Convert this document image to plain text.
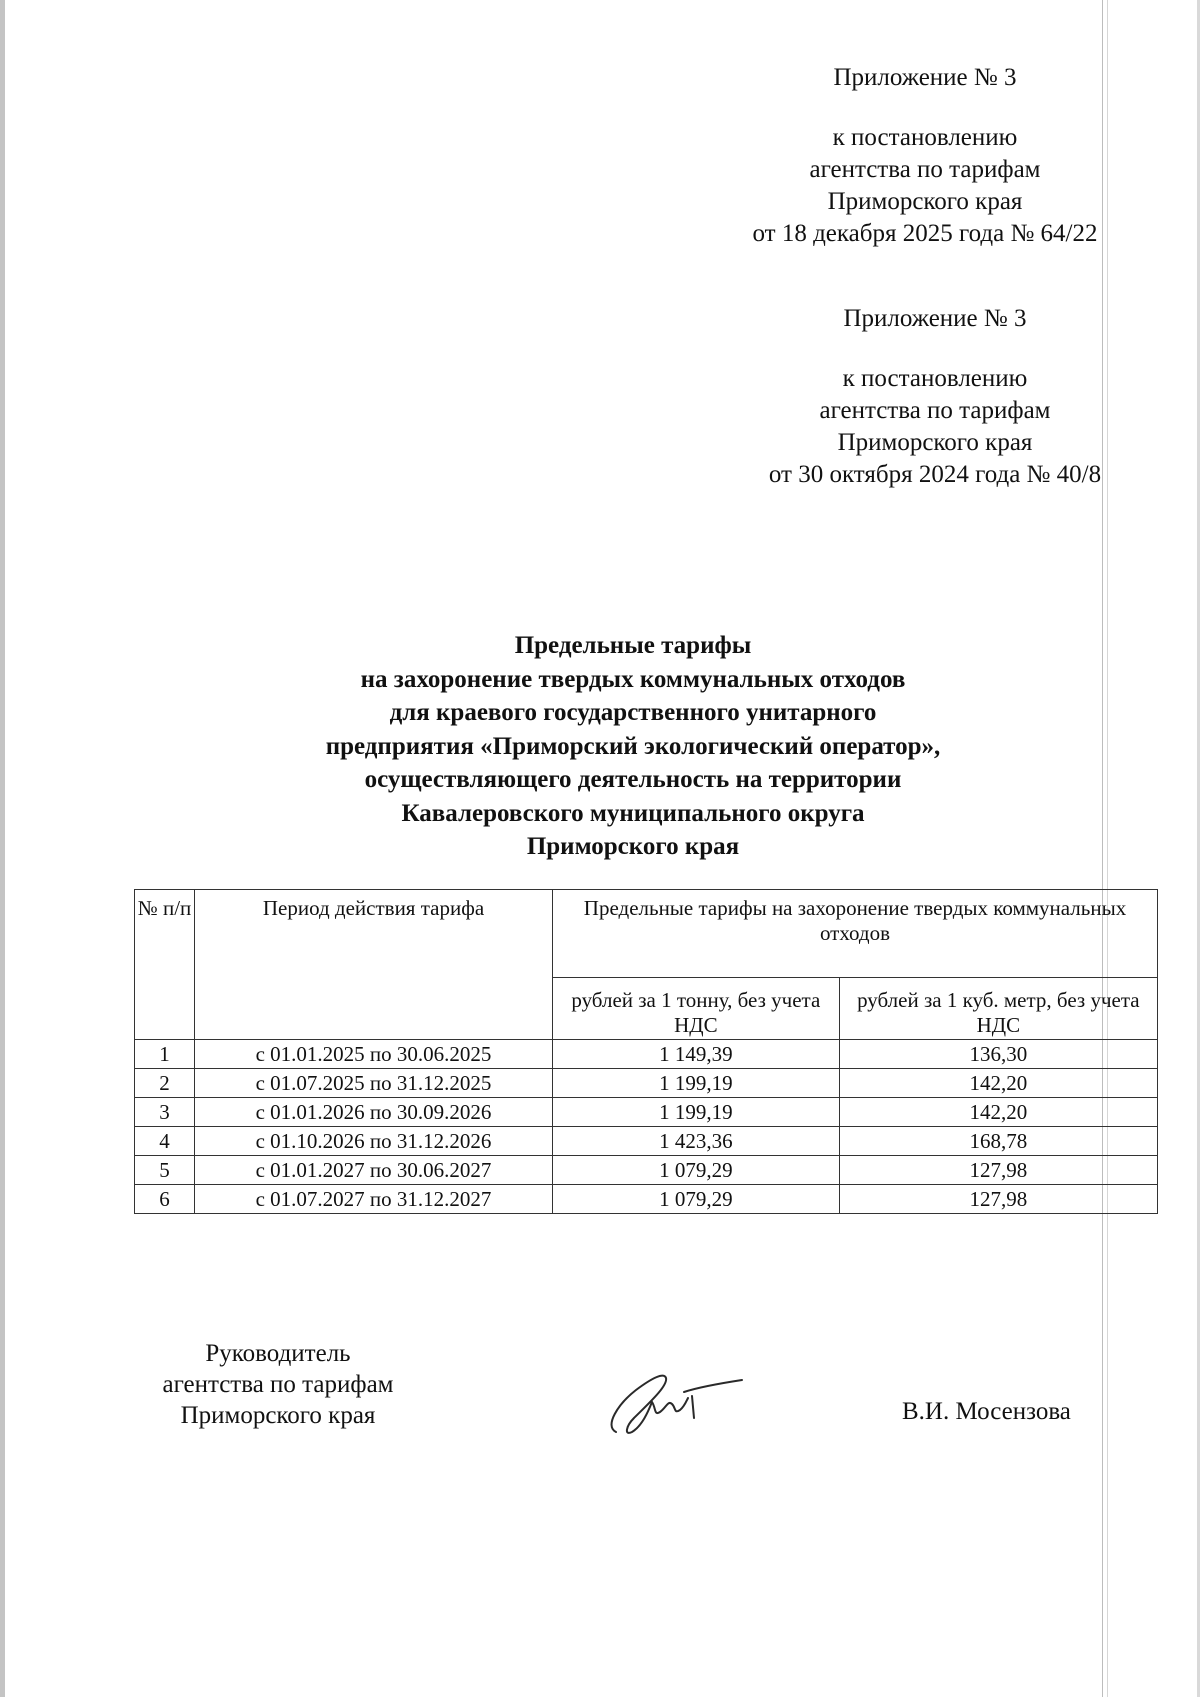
Приложение № 3
к постановлению
агентства по тарифам
Приморского края
от 18 декабря 2025 года № 64/22
Приложение № 3
к постановлению
агентства по тарифам
Приморского края
от 30 октября 2024 года № 40/8
Предельные тарифы
на захоронение твердых коммунальных отходов
для краевого государственного унитарного
предприятия «Приморский экологический оператор»,
осуществляющего деятельность на территории
Кавалеровского муниципального округа
Приморского края
№ п/п	Период действия тарифа	Предельные тарифы на захоронение твердых коммунальных отходов	
		рублей за 1 тонну, без учета НДС	рублей за 1 куб. метр, без учета НДС
1	с 01.01.2025 по 30.06.2025	1 149,39	136,30
2	с 01.07.2025 по 31.12.2025	1 199,19	142,20
3	с 01.01.2026 по 30.09.2026	1 199,19	142,20
4	с 01.10.2026 по 31.12.2026	1 423,36	168,78
5	с 01.01.2027 по 30.06.2027	1 079,29	127,98
6	с 01.07.2027 по 31.12.2027	1 079,29	127,98
Руководитель
агентства по тарифам
Приморского края	В.И. Мосензова
